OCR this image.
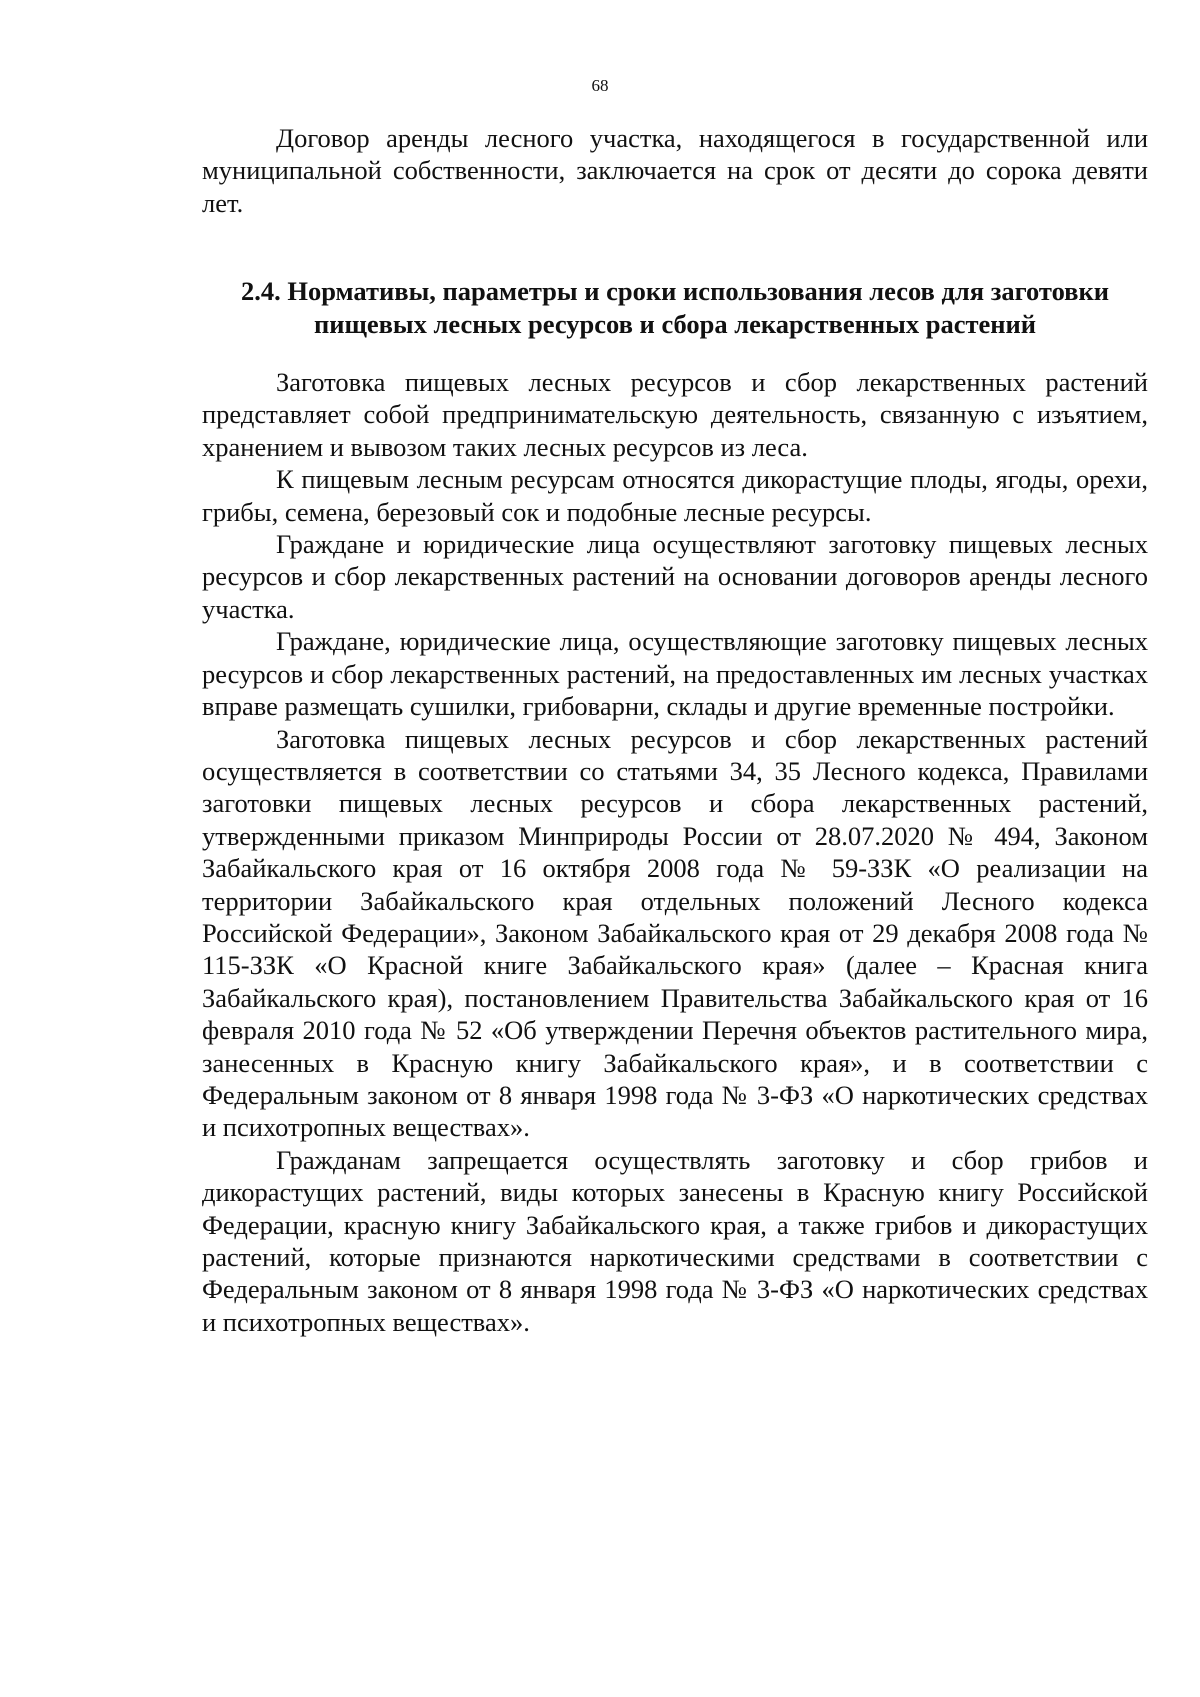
68

Договор аренды лесного участка, находящегося в государственной или муниципальной собственности, заключается на срок от десяти до сорока девяти лет.

2.4. Нормативы, параметры и сроки использования лесов для заготовки

пищевых лесных ресурсов и сбора лекарственных растений

Заготовка пищевых лесных ресурсов и сбор лекарственных растений представляет собой предпринимательскую деятельность, связанную с изъятием, хранением и вывозом таких лесных ресурсов из леса.

К пищевым лесным ресурсам относятся дикорастущие плоды, ягоды, орехи, грибы, семена, березовый сок и подобные лесные ресурсы.

Граждане и юридические лица осуществляют заготовку пищевых лесных ресурсов и сбор лекарственных растений на основании договоров аренды лесного участка.

Граждане, юридические лица, осуществляющие заготовку пищевых лесных ресурсов и сбор лекарственных растений, на предоставленных им лесных участках вправе размещать сушилки, грибоварни, склады и другие временные постройки.

Заготовка пищевых лесных ресурсов и сбор лекарственных растений осуществляется в соответствии со статьями 34, 35 Лесного кодекса, Правилами заготовки пищевых лесных ресурсов и сбора лекарственных растений, утвержденными приказом Минприроды России от 28.07.2020 № 494, Законом Забайкальского края от 16 октября 2008 года № 59-ЗЗК «О реализации на территории Забайкальского края отдельных положений Лесного кодекса Российской Федерации», Законом Забайкальского края от 29 декабря 2008 года № 115-ЗЗК «О Красной книге Забайкальского края» (далее – Красная книга Забайкальского края), постановлением Правительства Забайкальского края от 16 февраля 2010 года № 52 «Об утверждении Перечня объектов растительного мира, занесенных в Красную книгу Забайкальского края», и в соответствии с Федеральным законом от 8 января 1998 года № 3-ФЗ «О наркотических средствах и психотропных веществах».

Гражданам запрещается осуществлять заготовку и сбор грибов и дикорастущих растений, виды которых занесены в Красную книгу Российской Федерации, красную книгу Забайкальского края, а также грибов и дикорастущих растений, которые признаются наркотическими средствами в соответствии с Федеральным законом от 8 января 1998 года № 3-ФЗ «О наркотических средствах и психотропных веществах».
